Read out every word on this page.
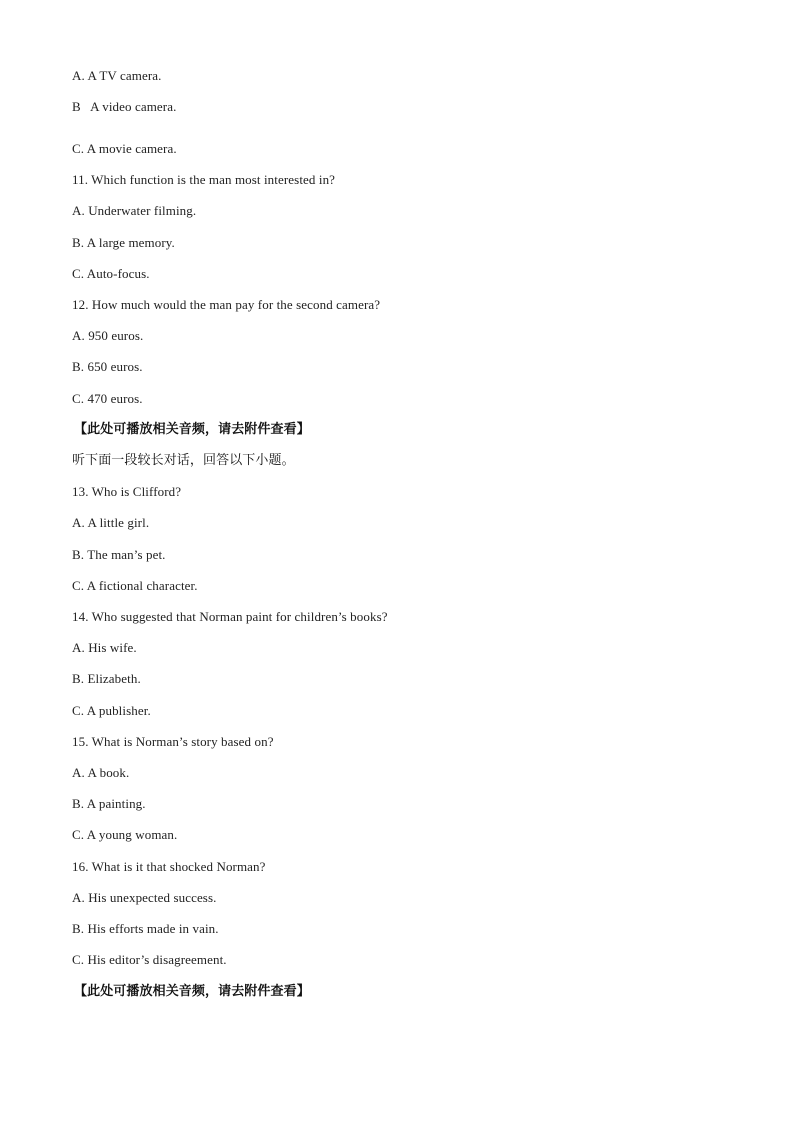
A. A TV camera.
B   A video camera.
C. A movie camera.
11. Which function is the man most interested in?
A. Underwater filming.
B. A large memory.
C. Auto-focus.
12. How much would the man pay for the second camera?
A. 950 euros.
B. 650 euros.
C. 470 euros.
【此处可播放相关音频，请去附件查看】
听下面一段较长对话，回答以下小题。
13. Who is Clifford?
A. A little girl.
B. The man’s pet.
C. A fictional character.
14. Who suggested that Norman paint for children’s books?
A. His wife.
B. Elizabeth.
C. A publisher.
15. What is Norman’s story based on?
A. A book.
B. A painting.
C. A young woman.
16. What is it that shocked Norman?
A. His unexpected success.
B. His efforts made in vain.
C. His editor’s disagreement.
【此处可播放相关音频，请去附件查看】
